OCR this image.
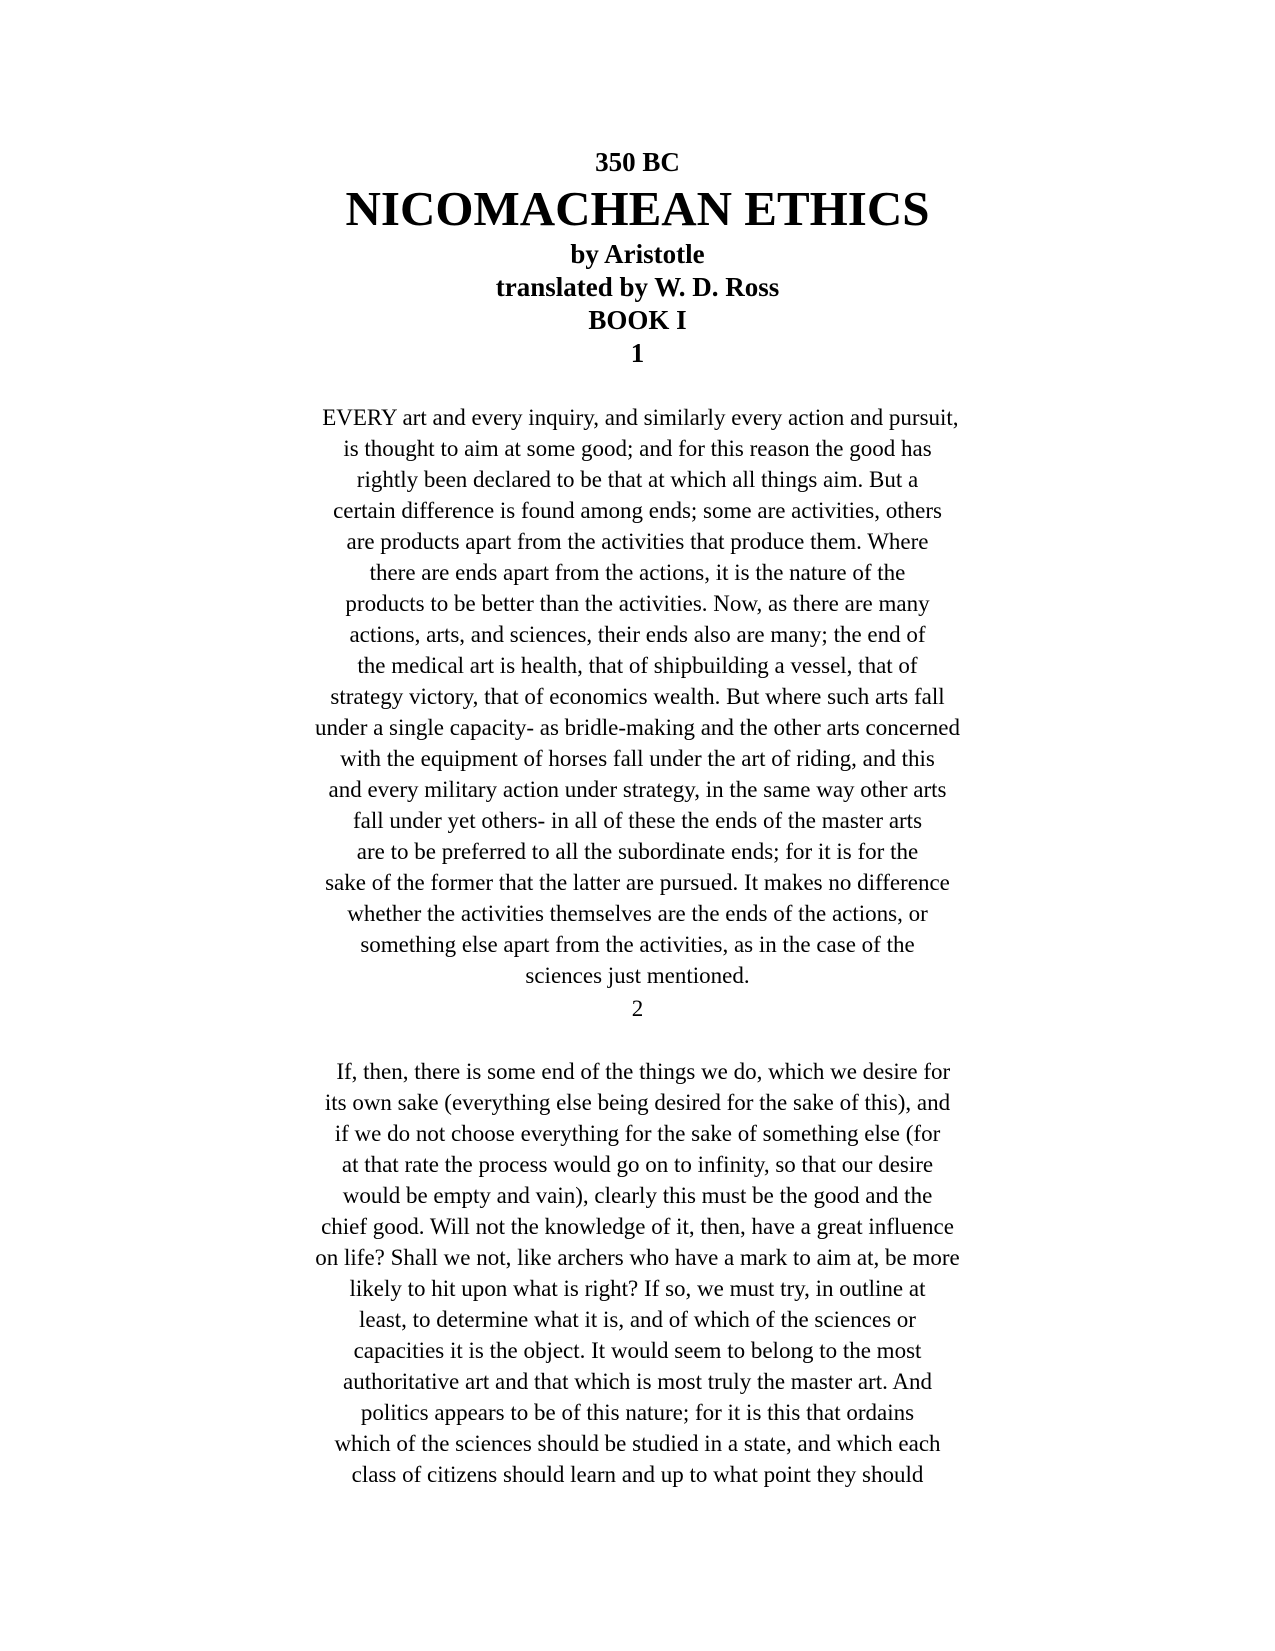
350 BC
NICOMACHEAN ETHICS
by Aristotle
translated by W. D. Ross
BOOK I
1
EVERY art and every inquiry, and similarly every action and pursuit,
is thought to aim at some good; and for this reason the good has
rightly been declared to be that at which all things aim. But a
certain difference is found among ends; some are activities, others
are products apart from the activities that produce them. Where
there are ends apart from the actions, it is the nature of the
products to be better than the activities. Now, as there are many
actions, arts, and sciences, their ends also are many; the end of
the medical art is health, that of shipbuilding a vessel, that of
strategy victory, that of economics wealth. But where such arts fall
under a single capacity- as bridle-making and the other arts concerned
with the equipment of horses fall under the art of riding, and this
and every military action under strategy, in the same way other arts
fall under yet others- in all of these the ends of the master arts
are to be preferred to all the subordinate ends; for it is for the
sake of the former that the latter are pursued. It makes no difference
whether the activities themselves are the ends of the actions, or
something else apart from the activities, as in the case of the
sciences just mentioned.
2
If, then, there is some end of the things we do, which we desire for
its own sake (everything else being desired for the sake of this), and
if we do not choose everything for the sake of something else (for
at that rate the process would go on to infinity, so that our desire
would be empty and vain), clearly this must be the good and the
chief good. Will not the knowledge of it, then, have a great influence
on life? Shall we not, like archers who have a mark to aim at, be more
likely to hit upon what is right? If so, we must try, in outline at
least, to determine what it is, and of which of the sciences or
capacities it is the object. It would seem to belong to the most
authoritative art and that which is most truly the master art. And
politics appears to be of this nature; for it is this that ordains
which of the sciences should be studied in a state, and which each
class of citizens should learn and up to what point they should
